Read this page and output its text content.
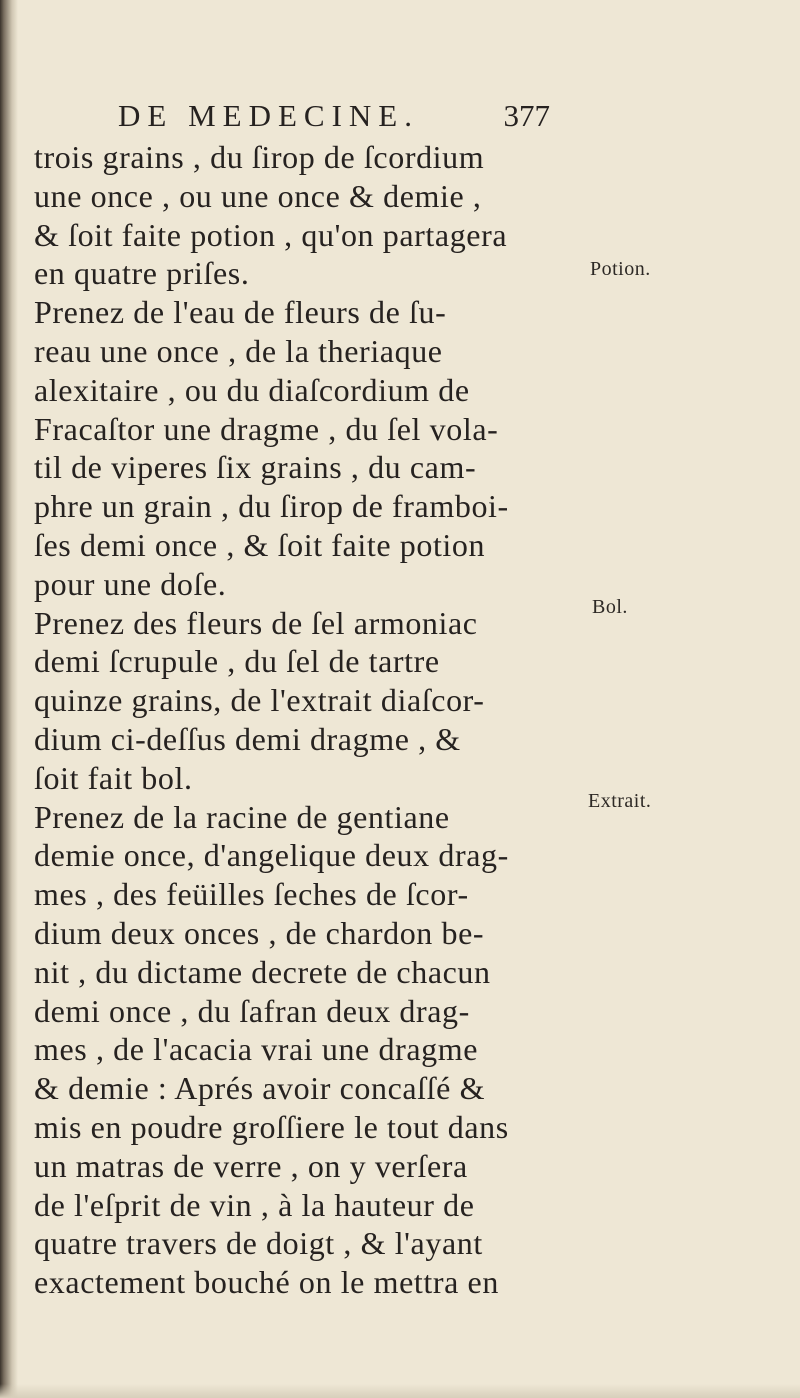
DE MEDECINE.	377
trois grains , du ſirop de ſcordium
une once , ou une once & demie ,
& ſoit faite potion , qu'on partagera
en quatre priſes.
Prenez de l'eau de fleurs de ſu-
reau une once , de la theriaque
alexitaire , ou du diaſcordium de
Fracaſtor une dragme , du ſel vola-
til de viperes ſix grains , du cam-
phre un grain , du ſirop de framboi-
ſes demi once , & ſoit faite potion
pour une doſe.
Prenez des fleurs de ſel armoniac
demi ſcrupule , du ſel de tartre
quinze grains, de l'extrait diaſcor-
dium ci-deſſus demi dragme , &
ſoit fait bol.
Prenez de la racine de gentiane
demie once, d'angelique deux drag-
mes , des feüilles ſeches de ſcor-
dium deux onces , de chardon be-
nit , du dictame decrete de chacun
demi once , du ſafran deux drag-
mes , de l'acacia vrai une dragme
& demie : Aprés avoir concaſſé &
mis en poudre groſſiere le tout dans
un matras de verre , on y verſera
de l'eſprit de vin , à la hauteur de
quatre travers de doigt , & l'ayant
exactement bouché on le mettra en
Potion.
Bol.
Extrait.
